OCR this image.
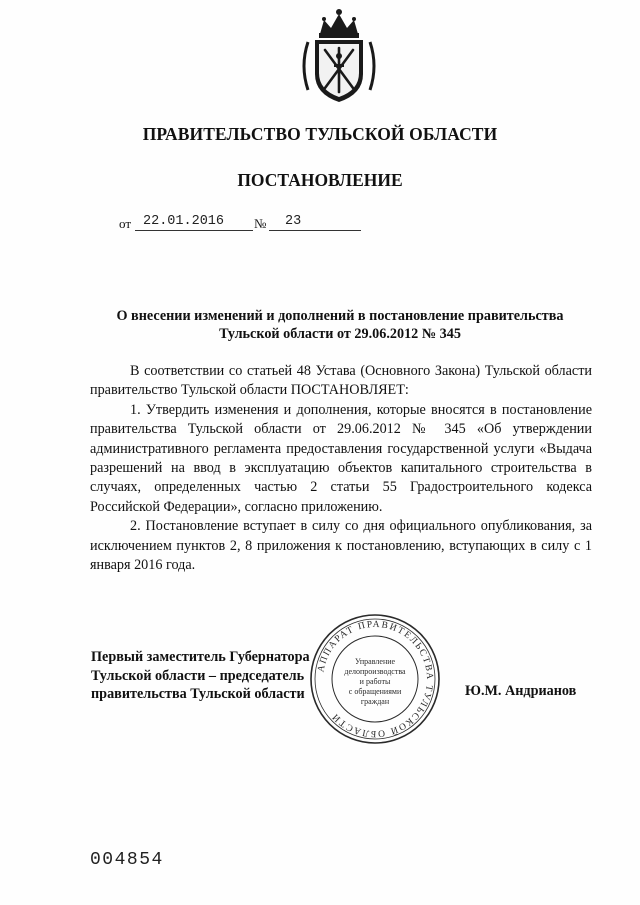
ПРАВИТЕЛЬСТВО ТУЛЬСКОЙ ОБЛАСТИ
ПОСТАНОВЛЕНИЕ
от 22.01.2016 № 23
О внесении изменений и дополнений в постановление правительства
Тульской области от 29.06.2012 № 345

В соответствии со статьей 48 Устава (Основного Закона) Тульской области правительство Тульской области ПОСТАНОВЛЯЕТ:

1. Утвердить изменения и дополнения, которые вносятся в постановление правительства Тульской области от 29.06.2012 № 345 «Об утверждении административного регламента предоставления государственной услуги «Выдача разрешений на ввод в эксплуатацию объектов капитального строительства в случаях, определенных частью 2 статьи 55 Градостроительного кодекса Российской Федерации», согласно приложению.

2. Постановление вступает в силу со дня официального опубликования, за исключением пунктов 2, 8 приложения к постановлению, вступающих в силу с 1 января 2016 года.

Первый заместитель Губернатора
Тульской области – председатель
правительства Тульской области	Ю.М. Андрианов
АППАРАТ ПРАВИТЕЛЬСТВА ТУЛЬСКОЙ ОБЛАСТИ
Управление
делопроизводства
и работы
с обращениями
граждан
004854
